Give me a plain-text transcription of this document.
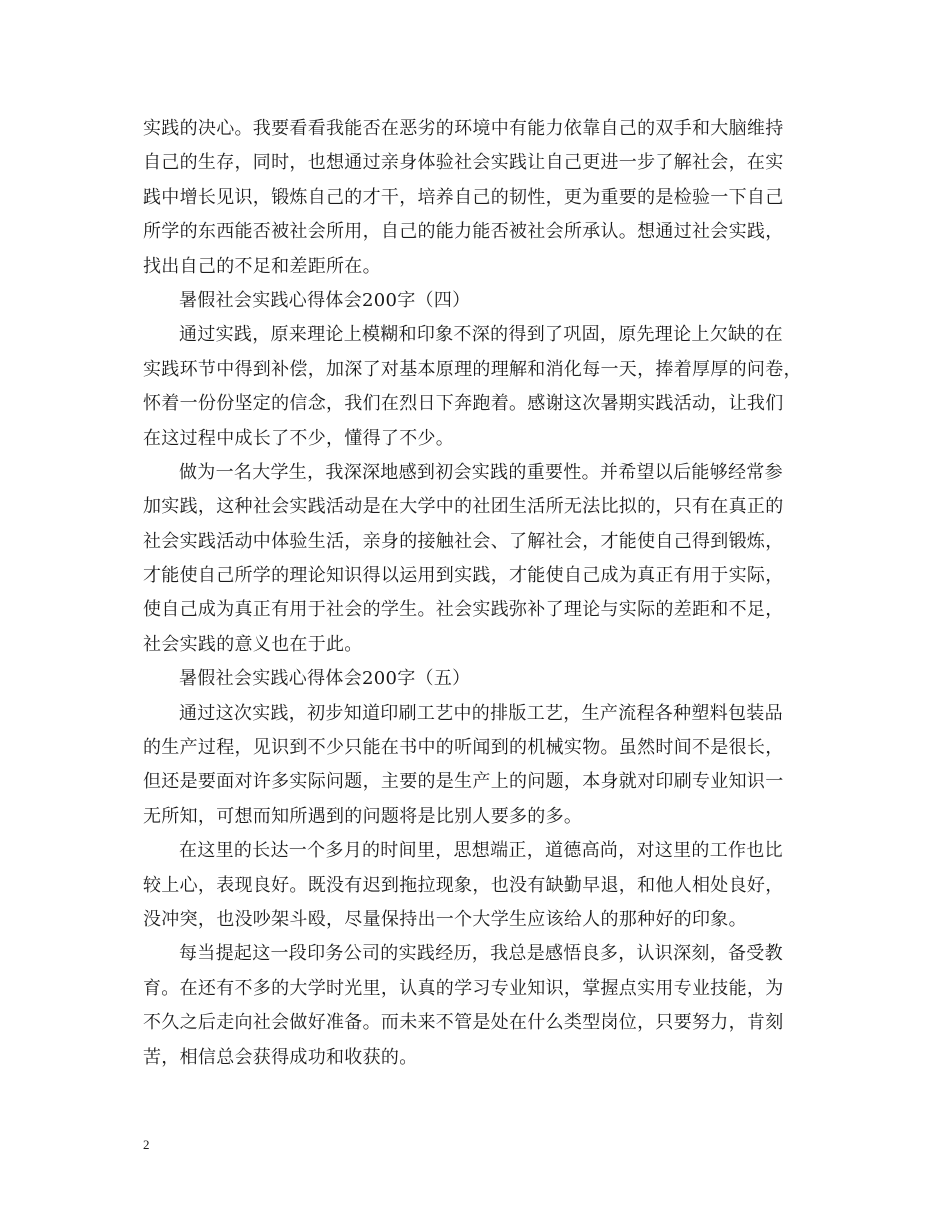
实践的决心。我要看看我能否在恶劣的环境中有能力依靠自己的双手和大脑维持
自己的生存，同时，也想通过亲身体验社会实践让自己更进一步了解社会，在实
践中增长见识，锻炼自己的才干，培养自己的韧性，更为重要的是检验一下自己
所学的东西能否被社会所用，自己的能力能否被社会所承认。想通过社会实践，
找出自己的不足和差距所在。
暑假社会实践心得体会200字（四）
通过实践，原来理论上模糊和印象不深的得到了巩固，原先理论上欠缺的在
实践环节中得到补偿，加深了对基本原理的理解和消化每一天，捧着厚厚的问卷，
怀着一份份坚定的信念，我们在烈日下奔跑着。感谢这次暑期实践活动，让我们
在这过程中成长了不少，懂得了不少。
做为一名大学生，我深深地感到初会实践的重要性。并希望以后能够经常参
加实践，这种社会实践活动是在大学中的社团生活所无法比拟的，只有在真正的
社会实践活动中体验生活，亲身的接触社会、了解社会，才能使自己得到锻炼，
才能使自己所学的理论知识得以运用到实践，才能使自己成为真正有用于实际，
使自己成为真正有用于社会的学生。社会实践弥补了理论与实际的差距和不足，
社会实践的意义也在于此。
暑假社会实践心得体会200字（五）
通过这次实践，初步知道印刷工艺中的排版工艺，生产流程各种塑料包装品
的生产过程，见识到不少只能在书中的听闻到的机械实物。虽然时间不是很长，
但还是要面对许多实际问题，主要的是生产上的问题，本身就对印刷专业知识一
无所知，可想而知所遇到的问题将是比别人要多的多。
在这里的长达一个多月的时间里，思想端正，道德高尚，对这里的工作也比
较上心，表现良好。既没有迟到拖拉现象，也没有缺勤早退，和他人相处良好，
没冲突，也没吵架斗殴，尽量保持出一个大学生应该给人的那种好的印象。
每当提起这一段印务公司的实践经历，我总是感悟良多，认识深刻，备受教
育。在还有不多的大学时光里，认真的学习专业知识，掌握点实用专业技能，为
不久之后走向社会做好准备。而未来不管是处在什么类型岗位，只要努力，肯刻
苦，相信总会获得成功和收获的。
2
